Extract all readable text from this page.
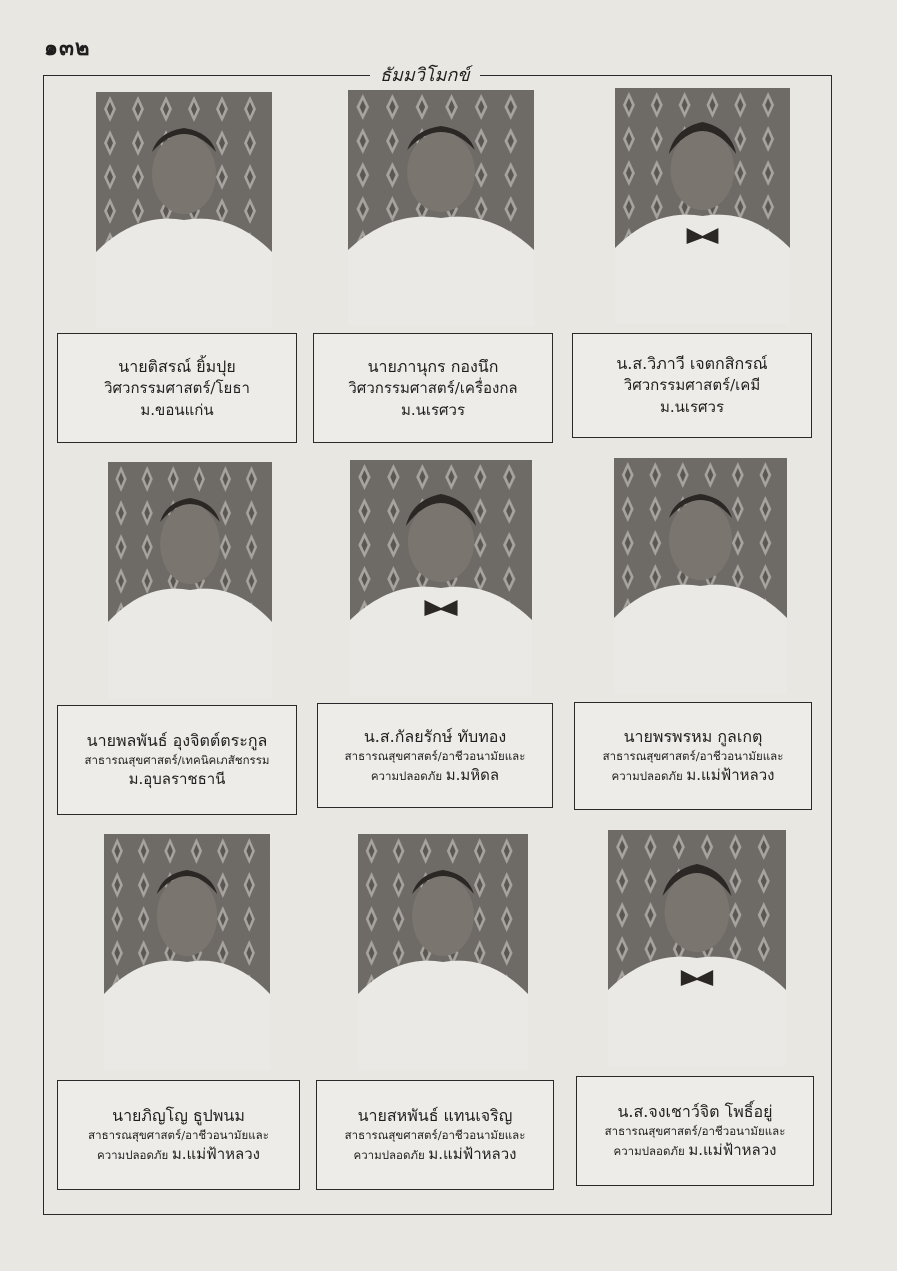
๑๓๒
ธัมมวิโมกข์
นายติสรณ์ ยิ้มปุย
วิศวกรรมศาสตร์/โยธา
ม.ขอนแก่น
นายภานุกร กองนึก
วิศวกรรมศาสตร์/เครื่องกล
ม.นเรศวร
น.ส.วิภาวี เจตกสิกรณ์
วิศวกรรมศาสตร์/เคมี
ม.นเรศวร
นายพลพันธ์ อุงจิตต์ตระกูล
สาธารณสุขศาสตร์/เทคนิคเภสัชกรรม
ม.อุบลราชธานี
น.ส.กัลยรักษ์ ทับทอง
สาธารณสุขศาสตร์/อาชีวอนามัยและ
ความปลอดภัย ม.มหิดล
นายพรพรหม กูลเกตุ
สาธารณสุขศาสตร์/อาชีวอนามัยและ
ความปลอดภัย ม.แม่ฟ้าหลวง
นายภิญโญ ธูปพนม
สาธารณสุขศาสตร์/อาชีวอนามัยและ
ความปลอดภัย ม.แม่ฟ้าหลวง
นายสหพันธ์ แทนเจริญ
สาธารณสุขศาสตร์/อาชีวอนามัยและ
ความปลอดภัย ม.แม่ฟ้าหลวง
น.ส.จงเชาว์จิต โพธิ์อยู่
สาธารณสุขศาสตร์/อาชีวอนามัยและ
ความปลอดภัย ม.แม่ฟ้าหลวง
